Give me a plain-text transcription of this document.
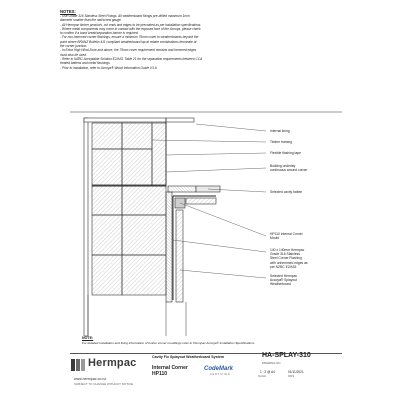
NOTES:
- Use Grade 316 Stainless Steel Fixings. All weatherboard fixings pre-drilled maximum 1mm
diameter smaller than the nail/screw gauge.
- All Hermpac timber products, cut ends and edges to be precoated as per installation specifications.
- Where metal components may come in contact with the exposed face of the Accoya, please check
to confirm if a bond break/separation barrier is required.
- For non-hemmed corner flashings, ensure a minimum 75mm cover to weatherboards beyond the
point where BRANZ Bulletin 411 compliant weatherboard lap at rebate combinations terminate at
the corner junction.
- In Extra High Wind Zone and above, the 75mm cover requirement remains and hemmed edges
must also be used.
- Refer to NZBC Acceptable Solution E2/AS1 Table 21 for the separation requirements between CCA
treated battens and metal flashings.
- Prior to installation, refer to Accoya® Wood Information Guide V3.9.
Internal lining
Timber framing
Flexible flashing tape
Building underlay
continuous around corner
Selected cavity batten
HP110 Internal Corner
Mould
140 x 140mm Hermpac
Grade 316 Stainless
Steel Corner Flashing
with unhemmed edges as
per NZBC E2/AS1
Selected Hermpac
Accoya® Splayout
Weatherboard
NOTE:
For detailed installation and fixing information of timber corner mouldings refer to Hermpac Accoya® Installation Specifications
Hermpac
www.hermpac.co.nz
SUBJECT TO CHANGE WITHOUT NOTICE
Cavity Fix Splayout Weatherboard System
Internal Corner
HP110
CodeMark
CERTIFIED
HA-SPLAY-310
DRAWING NO.
1 : 2 @ A4	01/11/2021
SCALE	DATE
